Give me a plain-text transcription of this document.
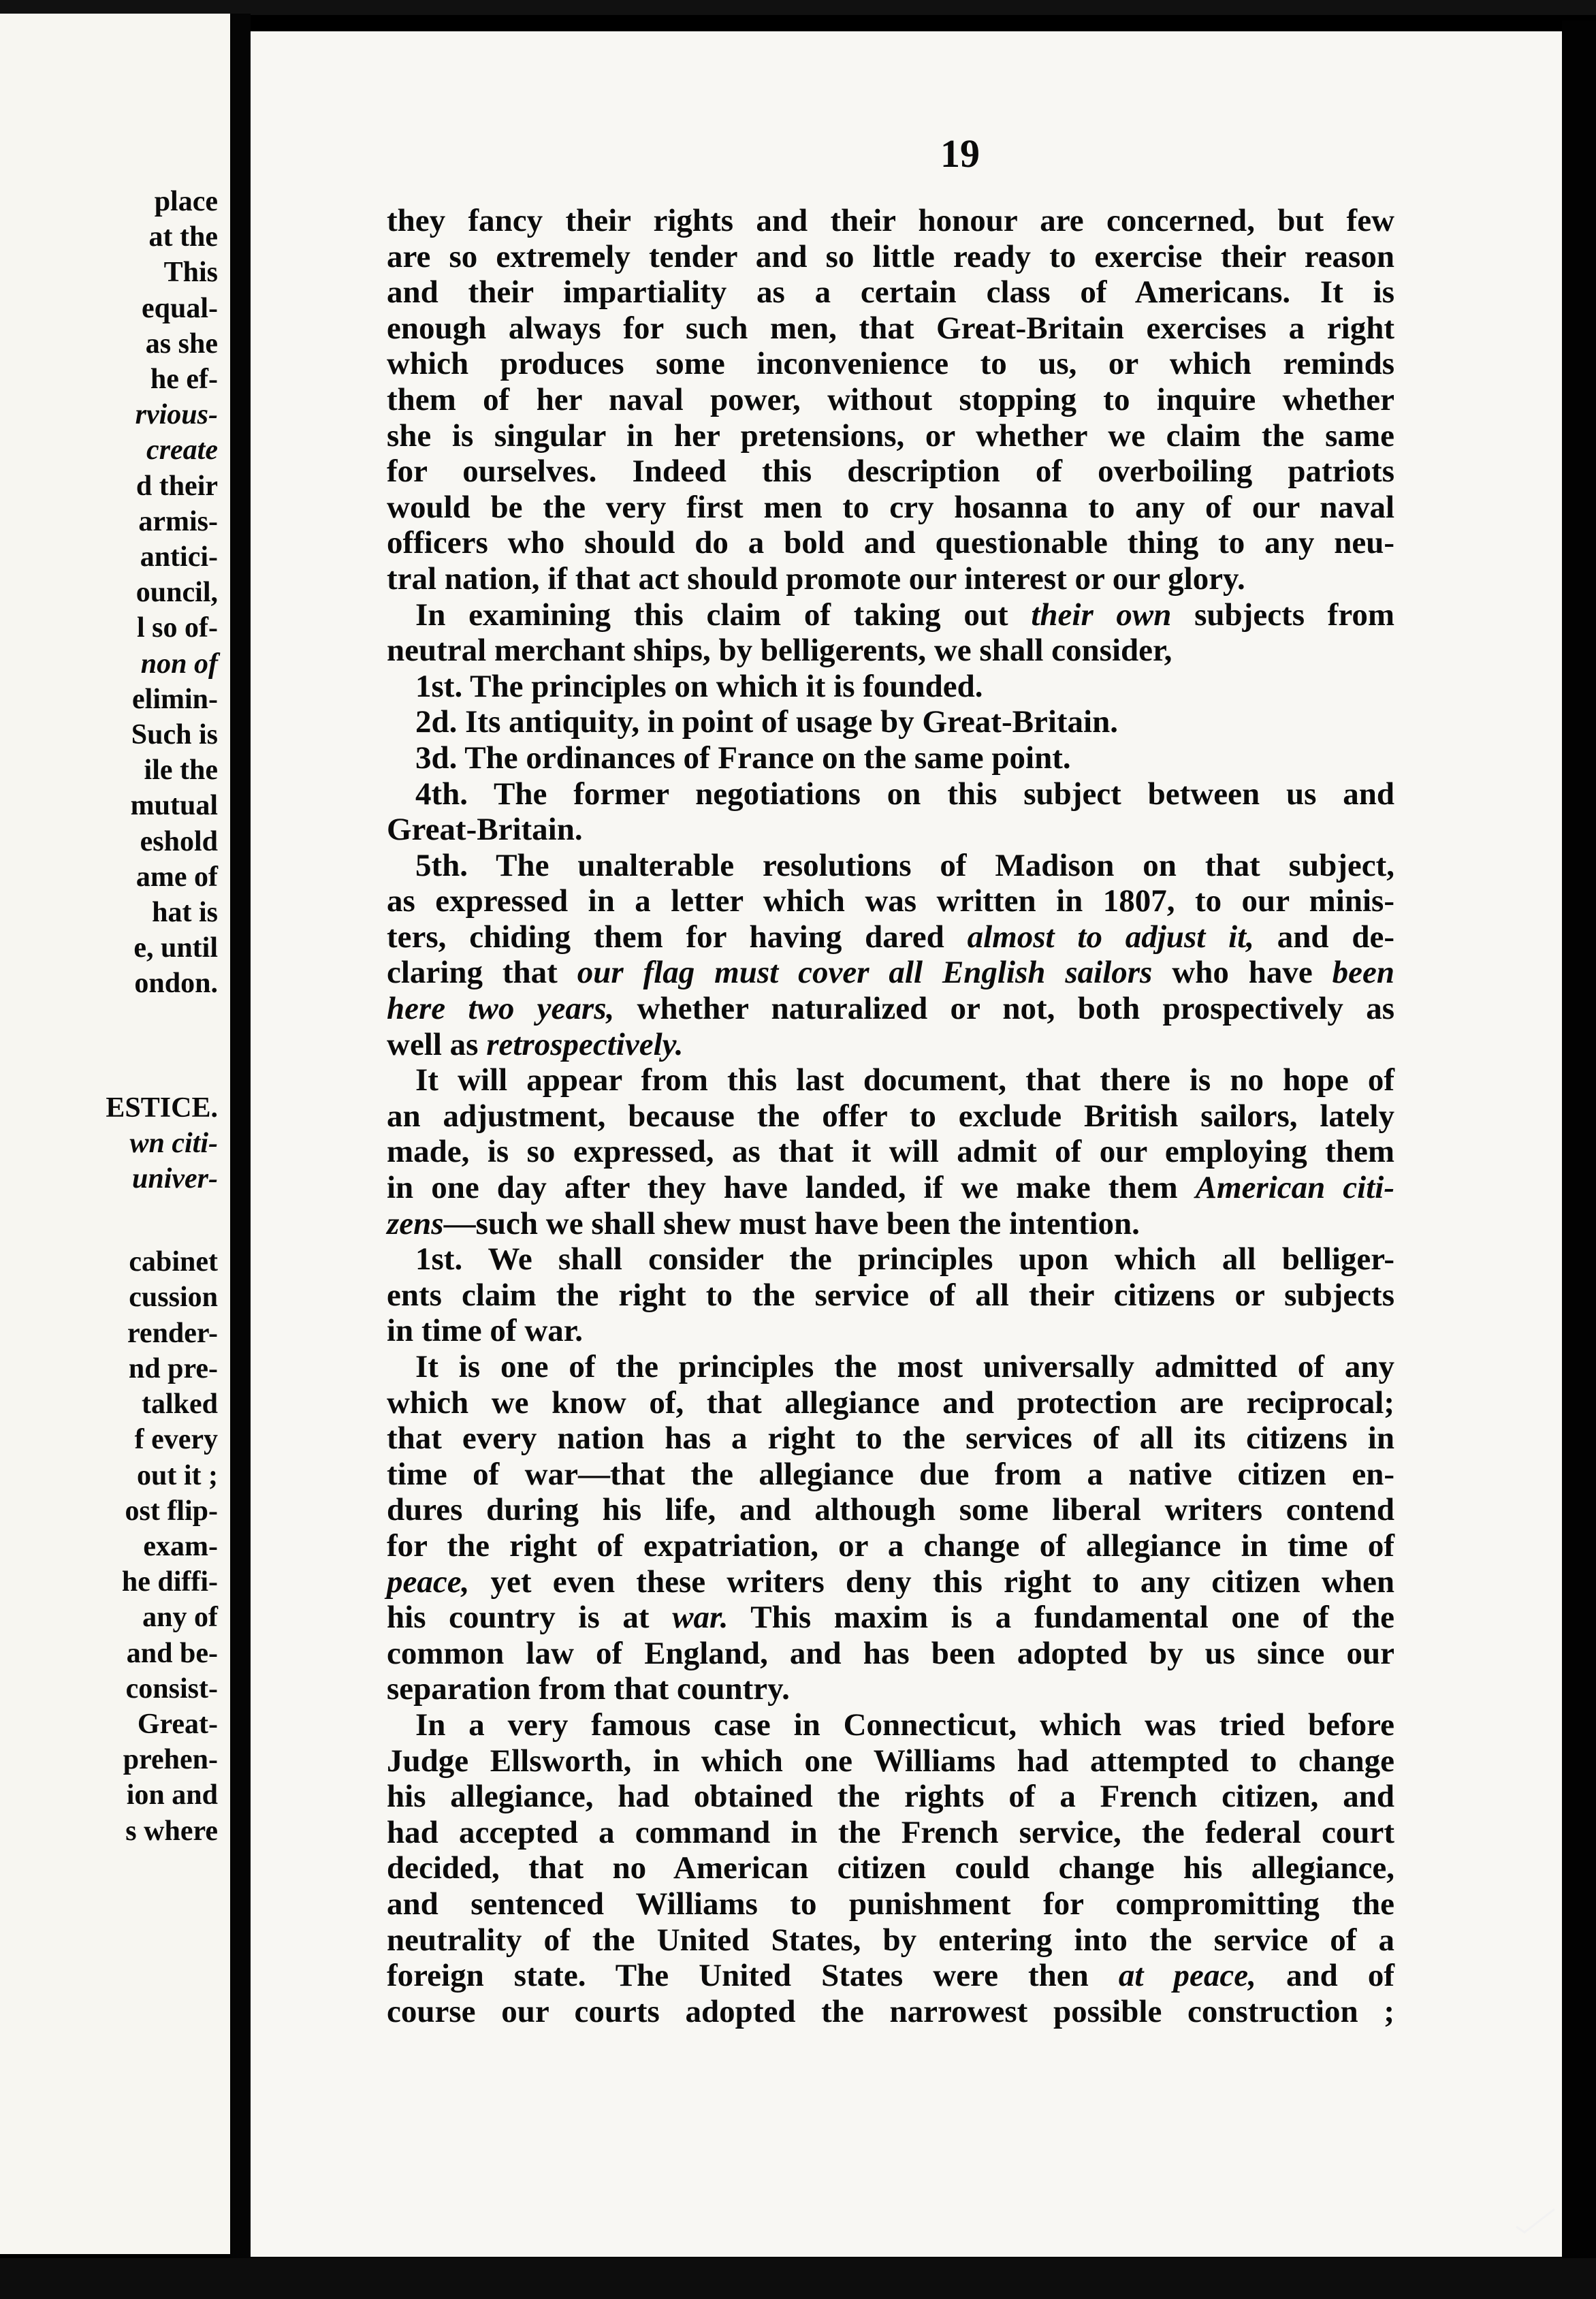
place
at the
This
equal-
as she
he ef-
rvious-
create
d their
armis-
antici-
ouncil,
l so of-
non of
elimin-
Such is
ile the
mutual
eshold
ame of
hat is
e, until
ondon.
ESTICE.
wn citi-
univer-
cabinet
cussion
render-
nd pre-
talked
f every
out it ;
ost flip-
exam-
he diffi-
any of
and be-
consist-
Great-
prehen-
ion and
s where
19
they fancy their rights and their honour are concerned, but few
are so extremely tender and so little ready to exercise their reason
and their impartiality as a certain class of Americans. It is
enough always for such men, that Great-Britain exercises a right
which produces some inconvenience to us, or which reminds
them of her naval power, without stopping to inquire whether
she is singular in her pretensions, or whether we claim the same
for ourselves. Indeed this description of overboiling patriots
would be the very first men to cry hosanna to any of our naval
officers who should do a bold and questionable thing to any neu-
tral nation, if that act should promote our interest or our glory.
In examining this claim of taking out their own subjects from
neutral merchant ships, by belligerents, we shall consider,
1st. The principles on which it is founded.
2d. Its antiquity, in point of usage by Great-Britain.
3d. The ordinances of France on the same point.
4th. The former negotiations on this subject between us and
Great-Britain.
5th. The unalterable resolutions of Madison on that subject,
as expressed in a letter which was written in 1807, to our minis-
ters, chiding them for having dared almost to adjust it, and de-
claring that our flag must cover all English sailors who have been
here two years, whether naturalized or not, both prospectively as
well as retrospectively.
It will appear from this last document, that there is no hope of
an adjustment, because the offer to exclude British sailors, lately
made, is so expressed, as that it will admit of our employing them
in one day after they have landed, if we make them American citi-
zens—such we shall shew must have been the intention.
1st. We shall consider the principles upon which all belliger-
ents claim the right to the service of all their citizens or subjects
in time of war.
It is one of the principles the most universally admitted of any
which we know of, that allegiance and protection are reciprocal;
that every nation has a right to the services of all its citizens in
time of war—that the allegiance due from a native citizen en-
dures during his life, and although some liberal writers contend
for the right of expatriation, or a change of allegiance in time of
peace, yet even these writers deny this right to any citizen when
his country is at war. This maxim is a fundamental one of the
common law of England, and has been adopted by us since our
separation from that country.
In a very famous case in Connecticut, which was tried before
Judge Ellsworth, in which one Williams had attempted to change
his allegiance, had obtained the rights of a French citizen, and
had accepted a command in the French service, the federal court
decided, that no American citizen could change his allegiance,
and sentenced Williams to punishment for compromitting the
neutrality of the United States, by entering into the service of a
foreign state. The United States were then at peace, and of
course our courts adopted the narrowest possible construction ;
